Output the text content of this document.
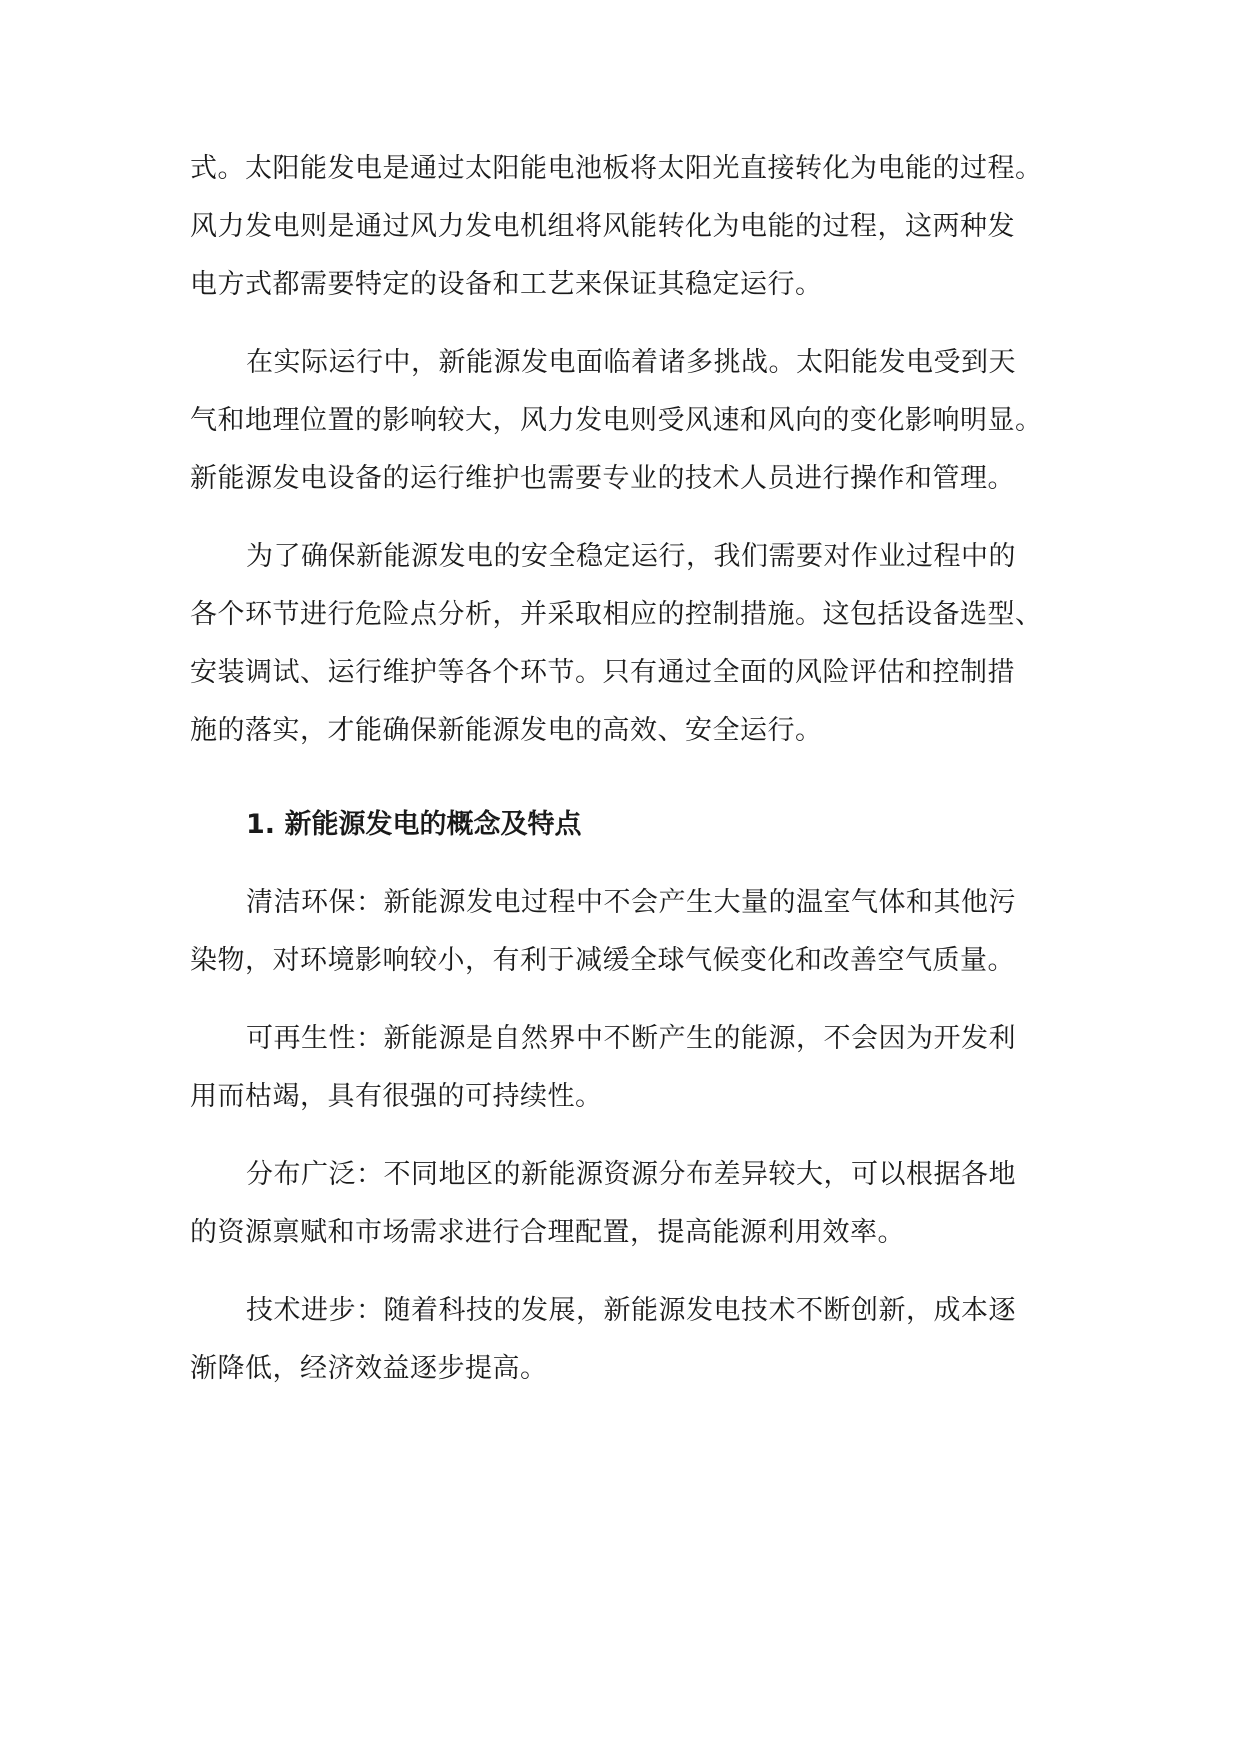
式。太阳能发电是通过太阳能电池板将太阳光直接转化为电能的过程。
风力发电则是通过风力发电机组将风能转化为电能的过程，这两种发
电方式都需要特定的设备和工艺来保证其稳定运行。
在实际运行中，新能源发电面临着诸多挑战。太阳能发电受到天
气和地理位置的影响较大，风力发电则受风速和风向的变化影响明显。
新能源发电设备的运行维护也需要专业的技术人员进行操作和管理。
为了确保新能源发电的安全稳定运行，我们需要对作业过程中的
各个环节进行危险点分析，并采取相应的控制措施。这包括设备选型、
安装调试、运行维护等各个环节。只有通过全面的风险评估和控制措
施的落实，才能确保新能源发电的高效、安全运行。
1. 新能源发电的概念及特点
清洁环保：新能源发电过程中不会产生大量的温室气体和其他污
染物，对环境影响较小，有利于减缓全球气候变化和改善空气质量。
可再生性：新能源是自然界中不断产生的能源，不会因为开发利
用而枯竭，具有很强的可持续性。
分布广泛：不同地区的新能源资源分布差异较大，可以根据各地
的资源禀赋和市场需求进行合理配置，提高能源利用效率。
技术进步：随着科技的发展，新能源发电技术不断创新，成本逐
渐降低，经济效益逐步提高。
